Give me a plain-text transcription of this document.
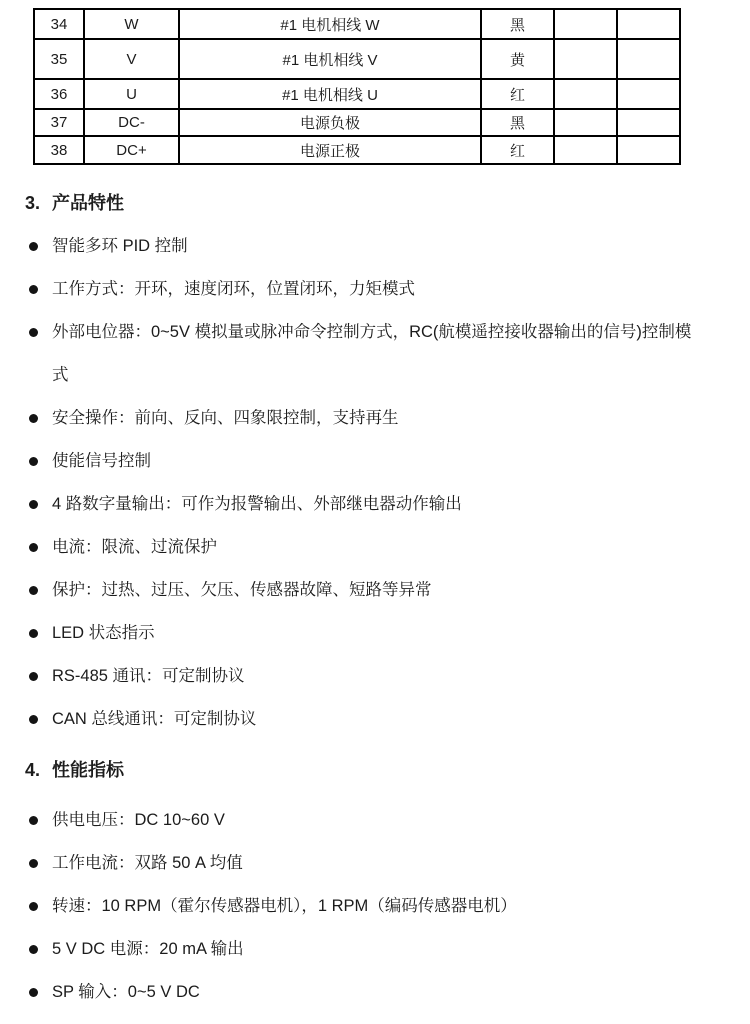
34	W	#1 电机相线 W	黑		
35	V	#1 电机相线 V	黄		
36	U	#1 电机相线 U	红		
37	DC-	电源负极	黑		
38	DC+	电源正极	红		
3. 产品特性
智能多环 PID 控制
工作方式：开环，速度闭环，位置闭环，力矩模式
外部电位器：0~5V 模拟量或脉冲命令控制方式，RC(航模遥控接收器输出的信号)控制模式
安全操作：前向、反向、四象限控制，支持再生
使能信号控制
4 路数字量输出：可作为报警输出、外部继电器动作输出
电流：限流、过流保护
保护：过热、过压、欠压、传感器故障、短路等异常
LED 状态指示
RS-485 通讯：可定制协议
CAN 总线通讯：可定制协议
4. 性能指标
供电电压：DC 10~60 V
工作电流：双路 50 A 均值
转速：10 RPM（霍尔传感器电机），1 RPM（编码传感器电机）
5 V DC 电源：20 mA 输出
SP 输入：0~5 V DC
